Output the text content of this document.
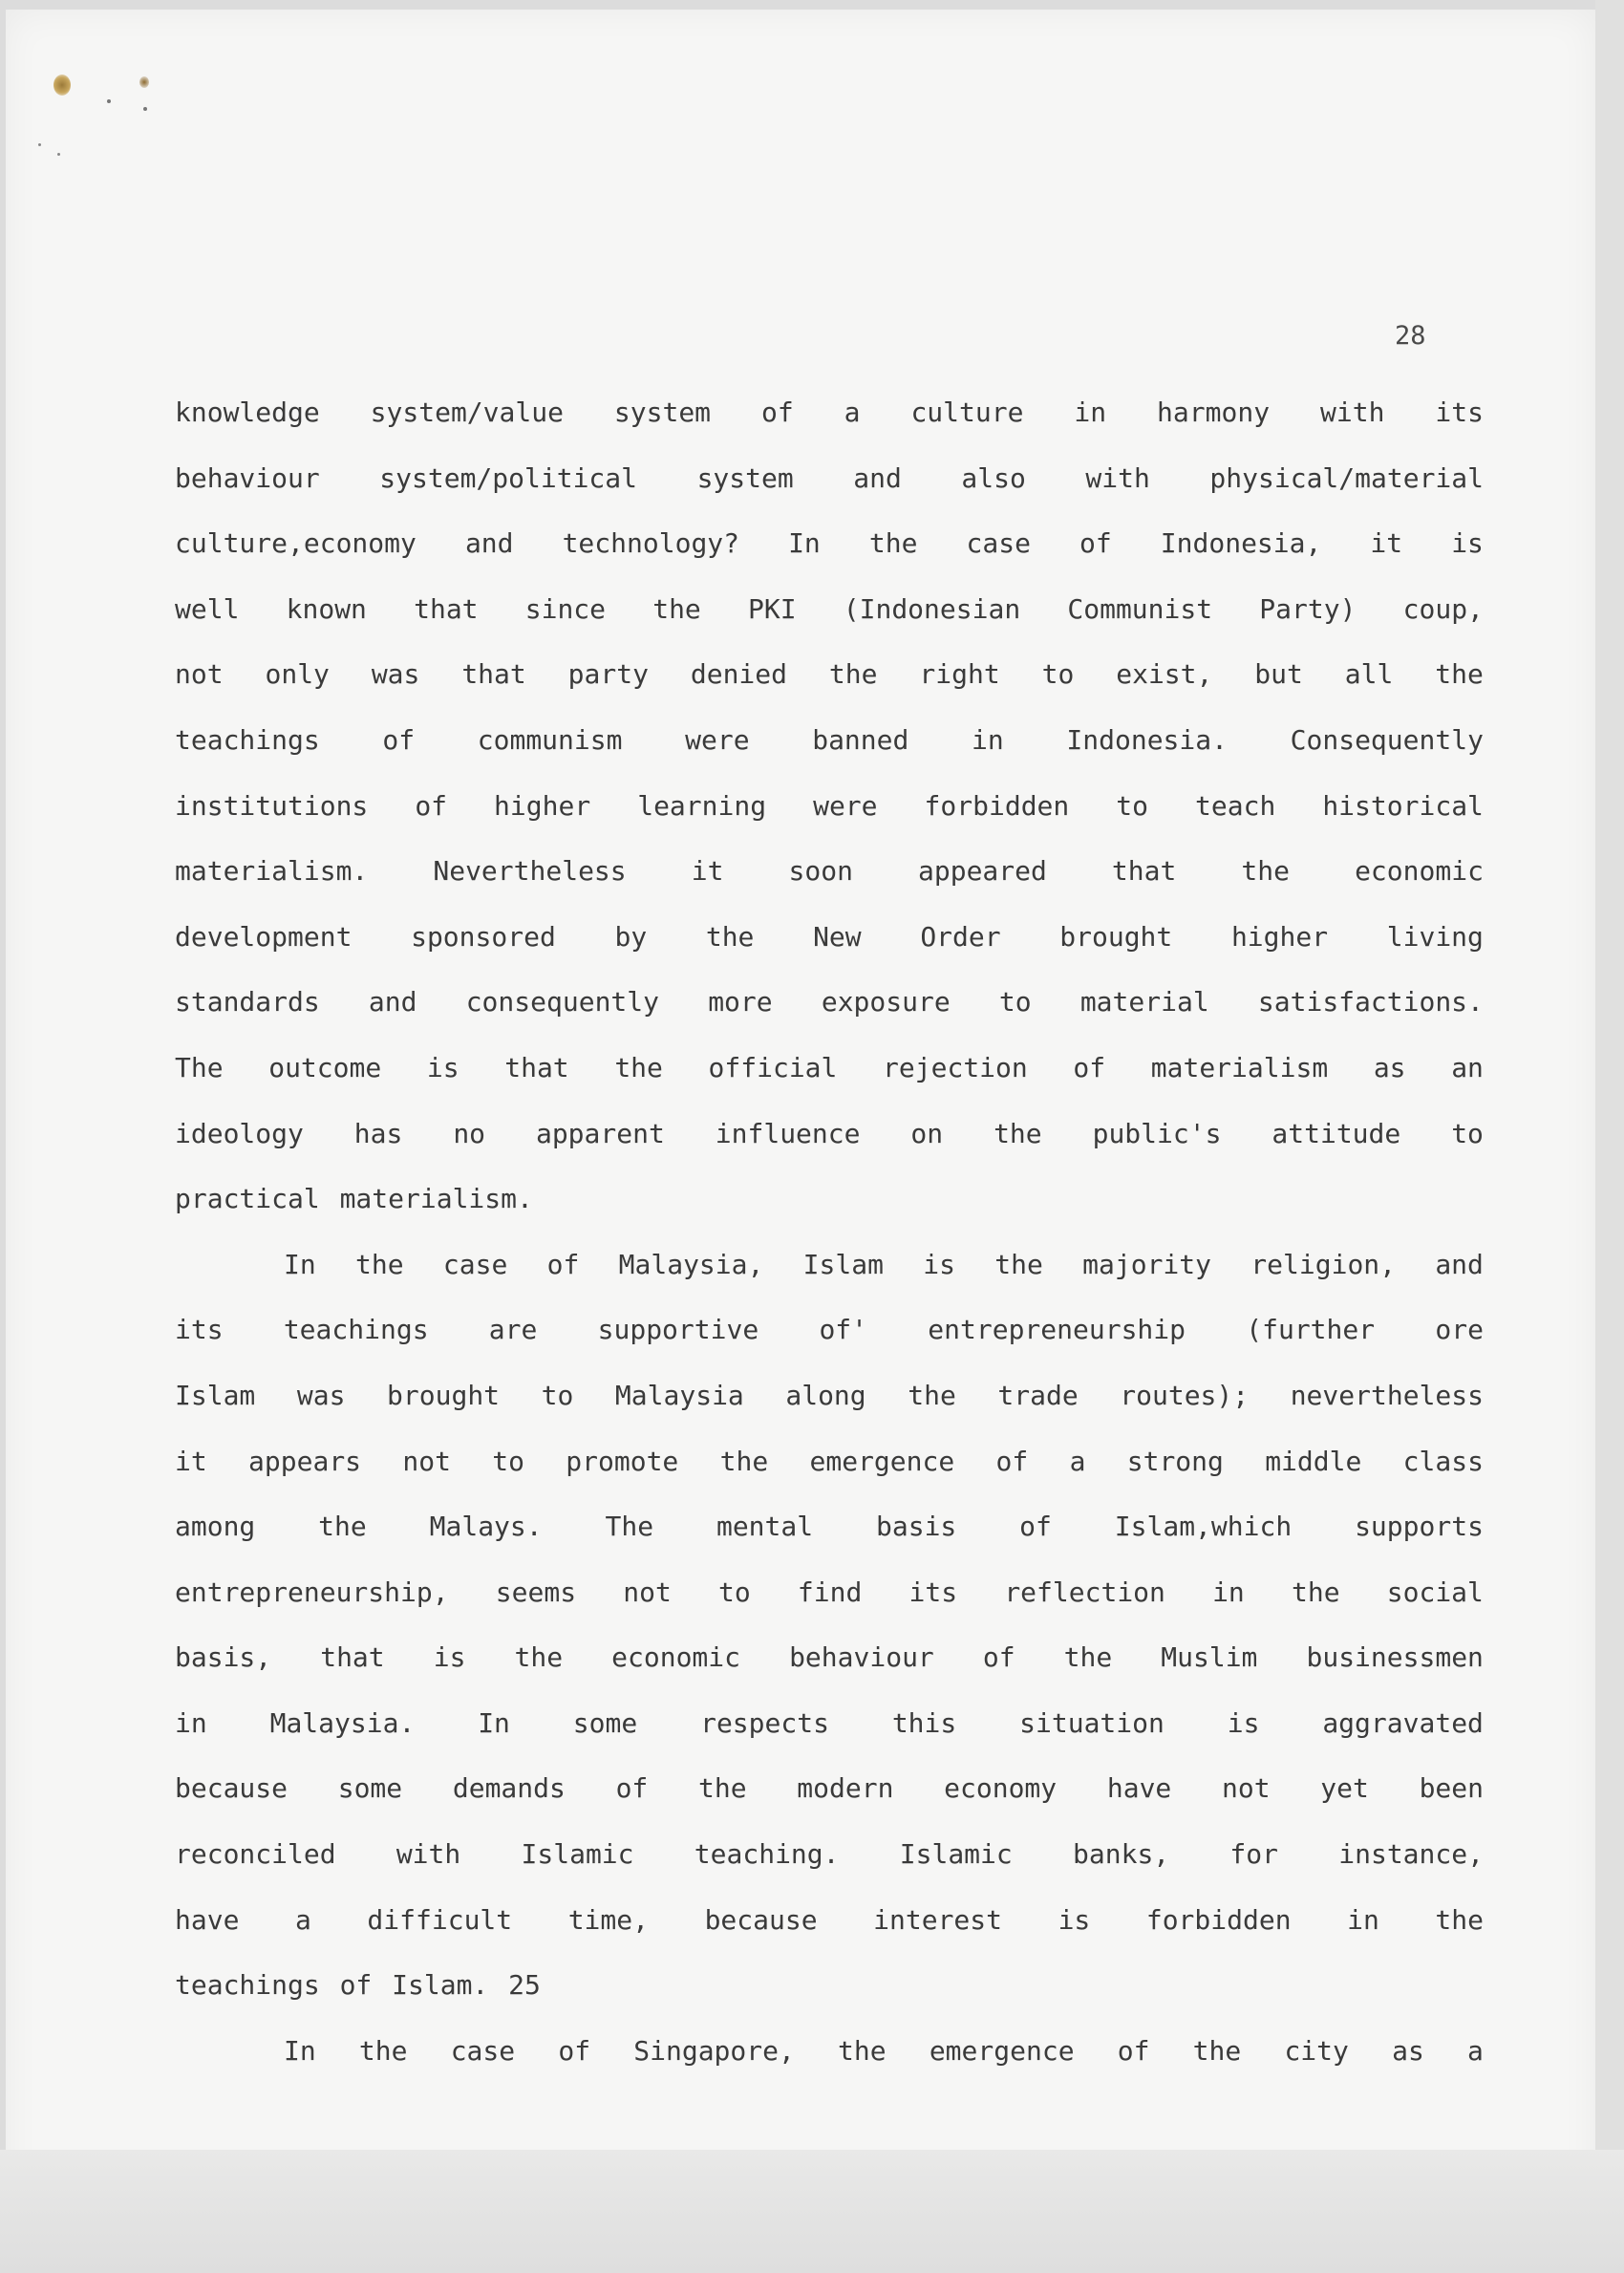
28
knowledge system/value system of a culture in harmony with its
behaviour system/political system and also with physical/material
culture,economy and technology? In the case of Indonesia, it is
well known that since the PKI (Indonesian Communist Party) coup,
not only was that party denied the right to exist, but all the
teachings of communism were banned in Indonesia. Consequently
institutions of higher learning were forbidden to teach historical
materialism. Nevertheless it soon appeared that the economic
development sponsored by the New Order brought higher living
standards and consequently more exposure to material satisfactions.
The outcome is that the official rejection of materialism as an
ideology has no apparent influence on the public's attitude to
practical materialism.
In the case of Malaysia, Islam is the majority religion, and
its teachings are supportive of' entrepreneurship (further ore
Islam was brought to Malaysia along the trade routes); nevertheless
it appears not to promote the emergence of a strong middle class
among the Malays. The mental basis of Islam,which supports
entrepreneurship, seems not to find its reflection in the social
basis, that is the economic behaviour of the Muslim businessmen
in Malaysia. In some respects this situation is aggravated
because some demands of the modern economy have not yet been
reconciled with Islamic teaching. Islamic banks, for instance,
have a difficult time, because interest is forbidden in the
teachings of Islam. 25
In the case of Singapore, the emergence of the city as a
